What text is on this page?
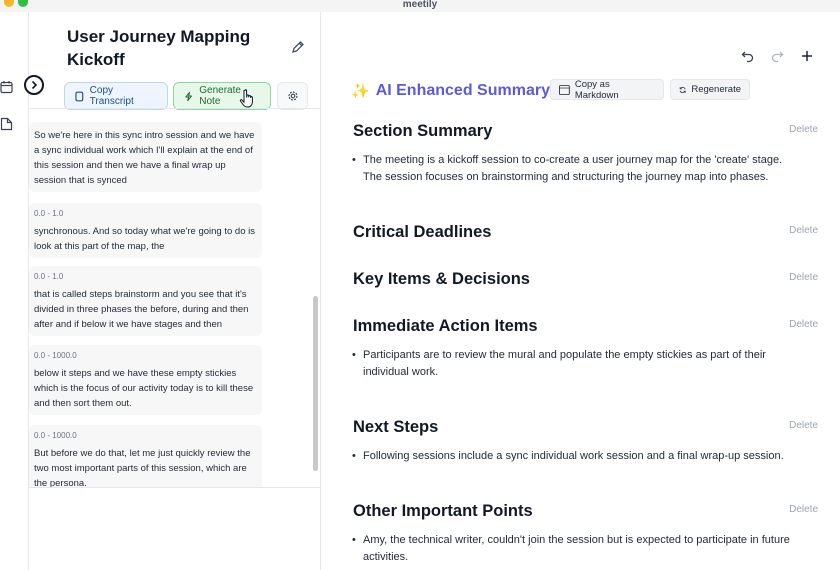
meetily
User Journey Mapping Kickoff
Copy Transcript
Generate Note
So we're here in this sync intro session and we have a sync individual work which I'll explain at the end of this session and then we have a final wrap up session that is synced
0.0 - 1.0
synchronous. And so today what we're going to do is look at this part of the map, the
0.0 - 1.0
that is called steps brainstorm and you see that it's divided in three phases the before, during and then after and if below it we have stages and then
0.0 - 1000.0
below it steps and we have these empty stickies which is the focus of our activity today is to kill these and then sort them out.
0.0 - 1000.0
But before we do that, let me just quickly review the two most important parts of this session, which are the persona.
✨ AI Enhanced Summary	Copy as Markdown	Regenerate
Section Summary	Delete
• The meeting is a kickoff session to co-create a user journey map for the 'create' stage. The session focuses on brainstorming and structuring the journey map into phases.
Critical Deadlines	Delete
Key Items & Decisions	Delete
Immediate Action Items	Delete
• Participants are to review the mural and populate the empty stickies as part of their individual work.
Next Steps	Delete
• Following sessions include a sync individual work session and a final wrap-up session.
Other Important Points	Delete
• Amy, the technical writer, couldn't join the session but is expected to participate in future activities.
